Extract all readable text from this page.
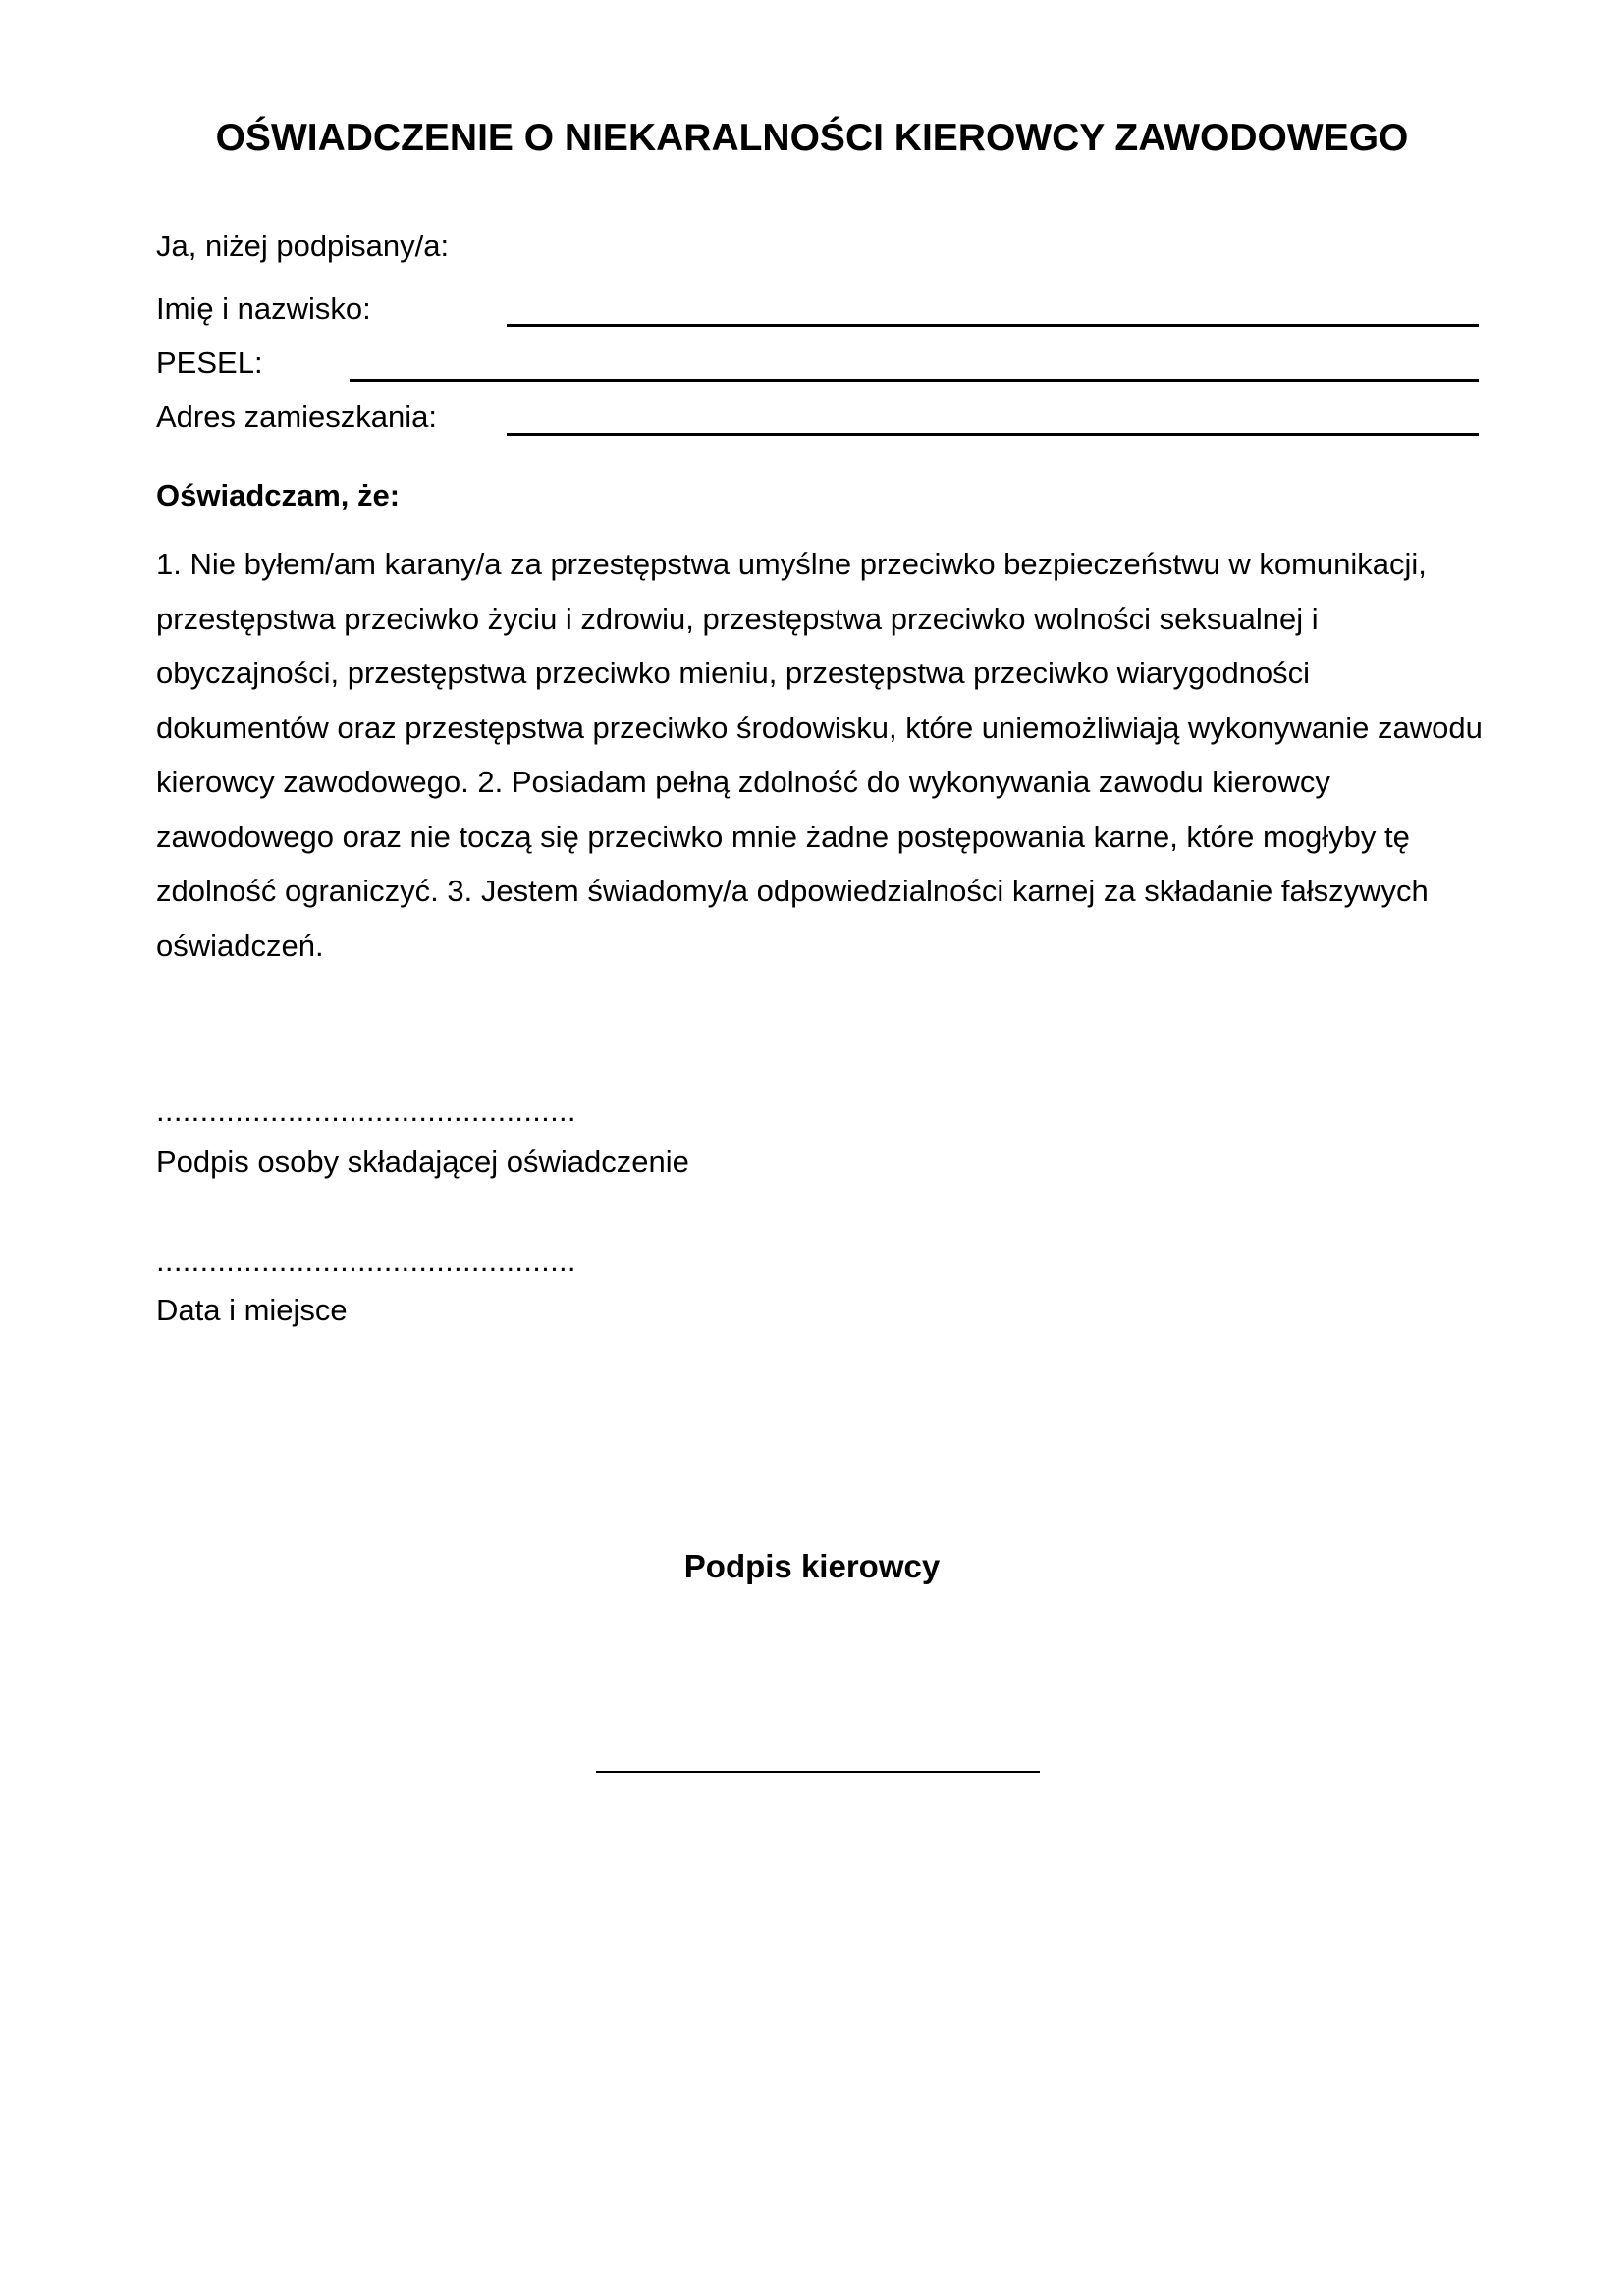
OŚWIADCZENIE O NIEKARALNOŚCI KIEROWCY ZAWODOWEGO
Ja, niżej podpisany/a:
Imię i nazwisko:
PESEL:
Adres zamieszkania:
Oświadczam, że:
1. Nie byłem/am karany/a za przestępstwa umyślne przeciwko bezpieczeństwu w komunikacji,
przestępstwa przeciwko życiu i zdrowiu, przestępstwa przeciwko wolności seksualnej i
obyczajności, przestępstwa przeciwko mieniu, przestępstwa przeciwko wiarygodności
dokumentów oraz przestępstwa przeciwko środowisku, które uniemożliwiają wykonywanie zawodu
kierowcy zawodowego. 2. Posiadam pełną zdolność do wykonywania zawodu kierowcy
zawodowego oraz nie toczą się przeciwko mnie żadne postępowania karne, które mogłyby tę
zdolność ograniczyć. 3. Jestem świadomy/a odpowiedzialności karnej za składanie fałszywych
oświadczeń.
................................................
Podpis osoby składającej oświadczenie
................................................
Data i miejsce
Podpis kierowcy
